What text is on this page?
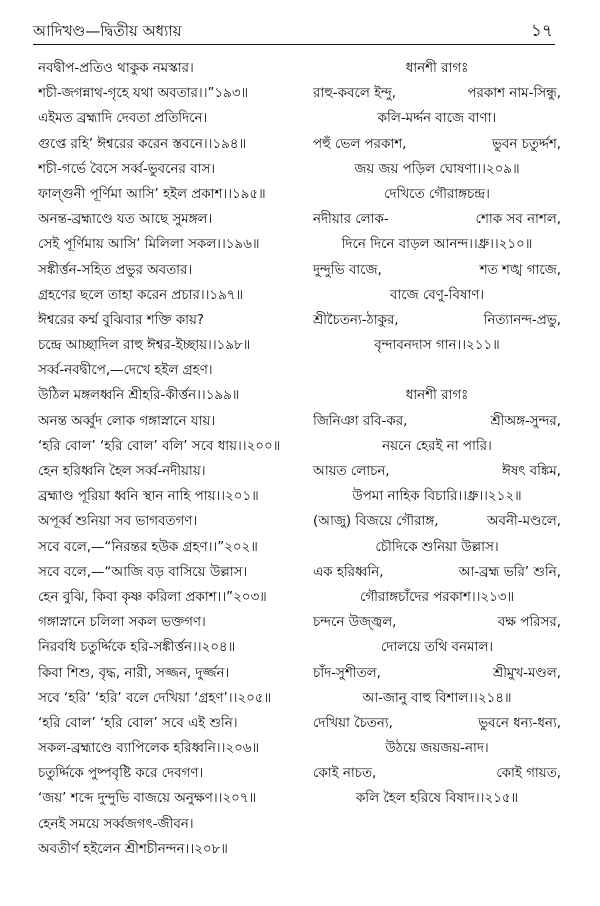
আদিখণ্ড—দ্বিতীয় অধ্যায়	১৭
নবদ্বীপ-প্রতিও থাকুক নমস্কার।
শচী-জগন্নাথ-গৃহে যথা অবতার।।”১৯৩॥
এইমত ব্রহ্মাদি দেবতা প্রতিদিনে।
গুপ্তে রহি’ ঈশ্বরের করেন স্তবনে।।১৯৪॥
শচী-গর্ভে বৈসে সর্ব্ব-ভুবনের বাস।
ফাল্গুনী পূর্ণিমা আসি’ হইল প্রকাশ।।১৯৫॥
অনন্ত-ব্রহ্মাণ্ডে যত আছে সুমঙ্গল।
সেই পূর্ণিমায় আসি’ মিলিলা সকল।।১৯৬॥
সঙ্কীর্ত্তন-সহিত প্রভুর অবতার।
গ্রহণের ছলে তাহা করেন প্রচার।।১৯৭॥
ঈশ্বরের কর্ম্ম বুঝিবার শক্তি কায়?
চন্দ্রে আচ্ছাদিল রাহু ঈশ্বর-ইচ্ছায়।।১৯৮॥
সর্ব্ব-নবদ্বীপে,—দেখে হইল গ্রহণ।
উঠিল মঙ্গলধ্বনি শ্রীহরি-কীর্ত্তন।।১৯৯॥
অনন্ত অর্ব্বুদ লোক গঙ্গাস্নানে যায়।
‘হরি বোল’ ‘হরি বোল’ বলি’ সবে ধায়।।২০০॥
হেন হরিধ্বনি হৈল সর্ব্ব-নদীয়ায়।
ব্রহ্মাণ্ড পূরিয়া ধ্বনি স্থান নাহি পায়।।২০১॥
অপূর্ব্ব শুনিয়া সব ভাগবতগণ।
সবে বলে,—“নিরন্তর হউক গ্রহণ।।”২০২॥
সবে বলে,—“আজি বড় বাসিয়ে উল্লাস।
হেন বুঝি, কিবা কৃষ্ণ করিলা প্রকাশ।।”২০৩॥
গঙ্গাস্নানে চলিলা সকল ভক্তগণ।
নিরবধি চতুর্দ্দিকে হরি-সঙ্কীর্ত্তন।।২০৪॥
কিবা শিশু, বৃদ্ধ, নারী, সজ্জন, দুর্জ্জন।
সবে ‘হরি’ ‘হরি’ বলে দেখিয়া ‘গ্রহণ’।।২০৫॥
‘হরি বোল’ ‘হরি বোল’ সবে এই শুনি।
সকল-ব্রহ্মাণ্ডে ব্যাপিলেক হরিধ্বনি।।২০৬॥
চতুর্দ্দিকে পুষ্পবৃষ্টি করে দেবগণ।
‘জয়’ শব্দে দুন্দুভি বাজয়ে অনুক্ষণ।।২০৭॥
হেনই সময়ে সর্ব্বজগৎ-জীবন।
অবতীর্ণ হইলেন শ্রীশচীনন্দন।।২০৮॥
ধানশী রাগঃ
রাহু-কবলে ইন্দু,	পরকাশ নাম-সিন্ধু,
কলি-মর্দ্দন বাজে বাণা।
পহুঁ ভেল পরকাশ,	ভুবন চতুর্দ্দশ,
জয় জয় পড়িল ঘোষণা।।২০৯॥
দেখিতে গৌরাঙ্গচন্দ্র।
নদীয়ার লোক-	শোক সব নাশল,
দিনে দিনে বাড়ল আনন্দ।।ধ্রু।।২১০॥
দুন্দুভি বাজে,	শত শঙ্খ গাজে,
বাজে বেণু-বিষাণ।
শ্রীচৈতন্য-ঠাকুর,	নিত্যানন্দ-প্রভু,
বৃন্দাবনদাস গান।।২১১॥
ধানশী রাগঃ
জিনিঞা রবি-কর,	শ্রীঅঙ্গ-সুন্দর,
নয়নে হেরই না পারি।
আয়ত লোচন,	ঈষৎ বঙ্কিম,
উপমা নাহিক বিচারি।।ধ্রু।।২১২॥
(আজু) বিজয়ে গৌরাঙ্গ,	অবনী-মণ্ডলে,
চৌদিকে শুনিয়া উল্লাস।
এক হরিধ্বনি,	আ-ব্রহ্ম ভরি’ শুনি,
গৌরাঙ্গচাঁদের পরকাশ।।২১৩॥
চন্দনে উজ্জ্বল,	বক্ষ পরিসর,
দোলয়ে তথি বনমাল।
চাঁদ-সুশীতল,	শ্রীমুখ-মণ্ডল,
আ-জানু বাহু বিশাল।।২১৪॥
দেখিয়া চৈতন্য,	ভুবনে ধন্য-ধন্য,
উঠয়ে জয়জয়-নাদ।
কোই নাচত,	কোই গায়ত,
কলি হৈল হরিষে বিষাদ।।২১৫॥
